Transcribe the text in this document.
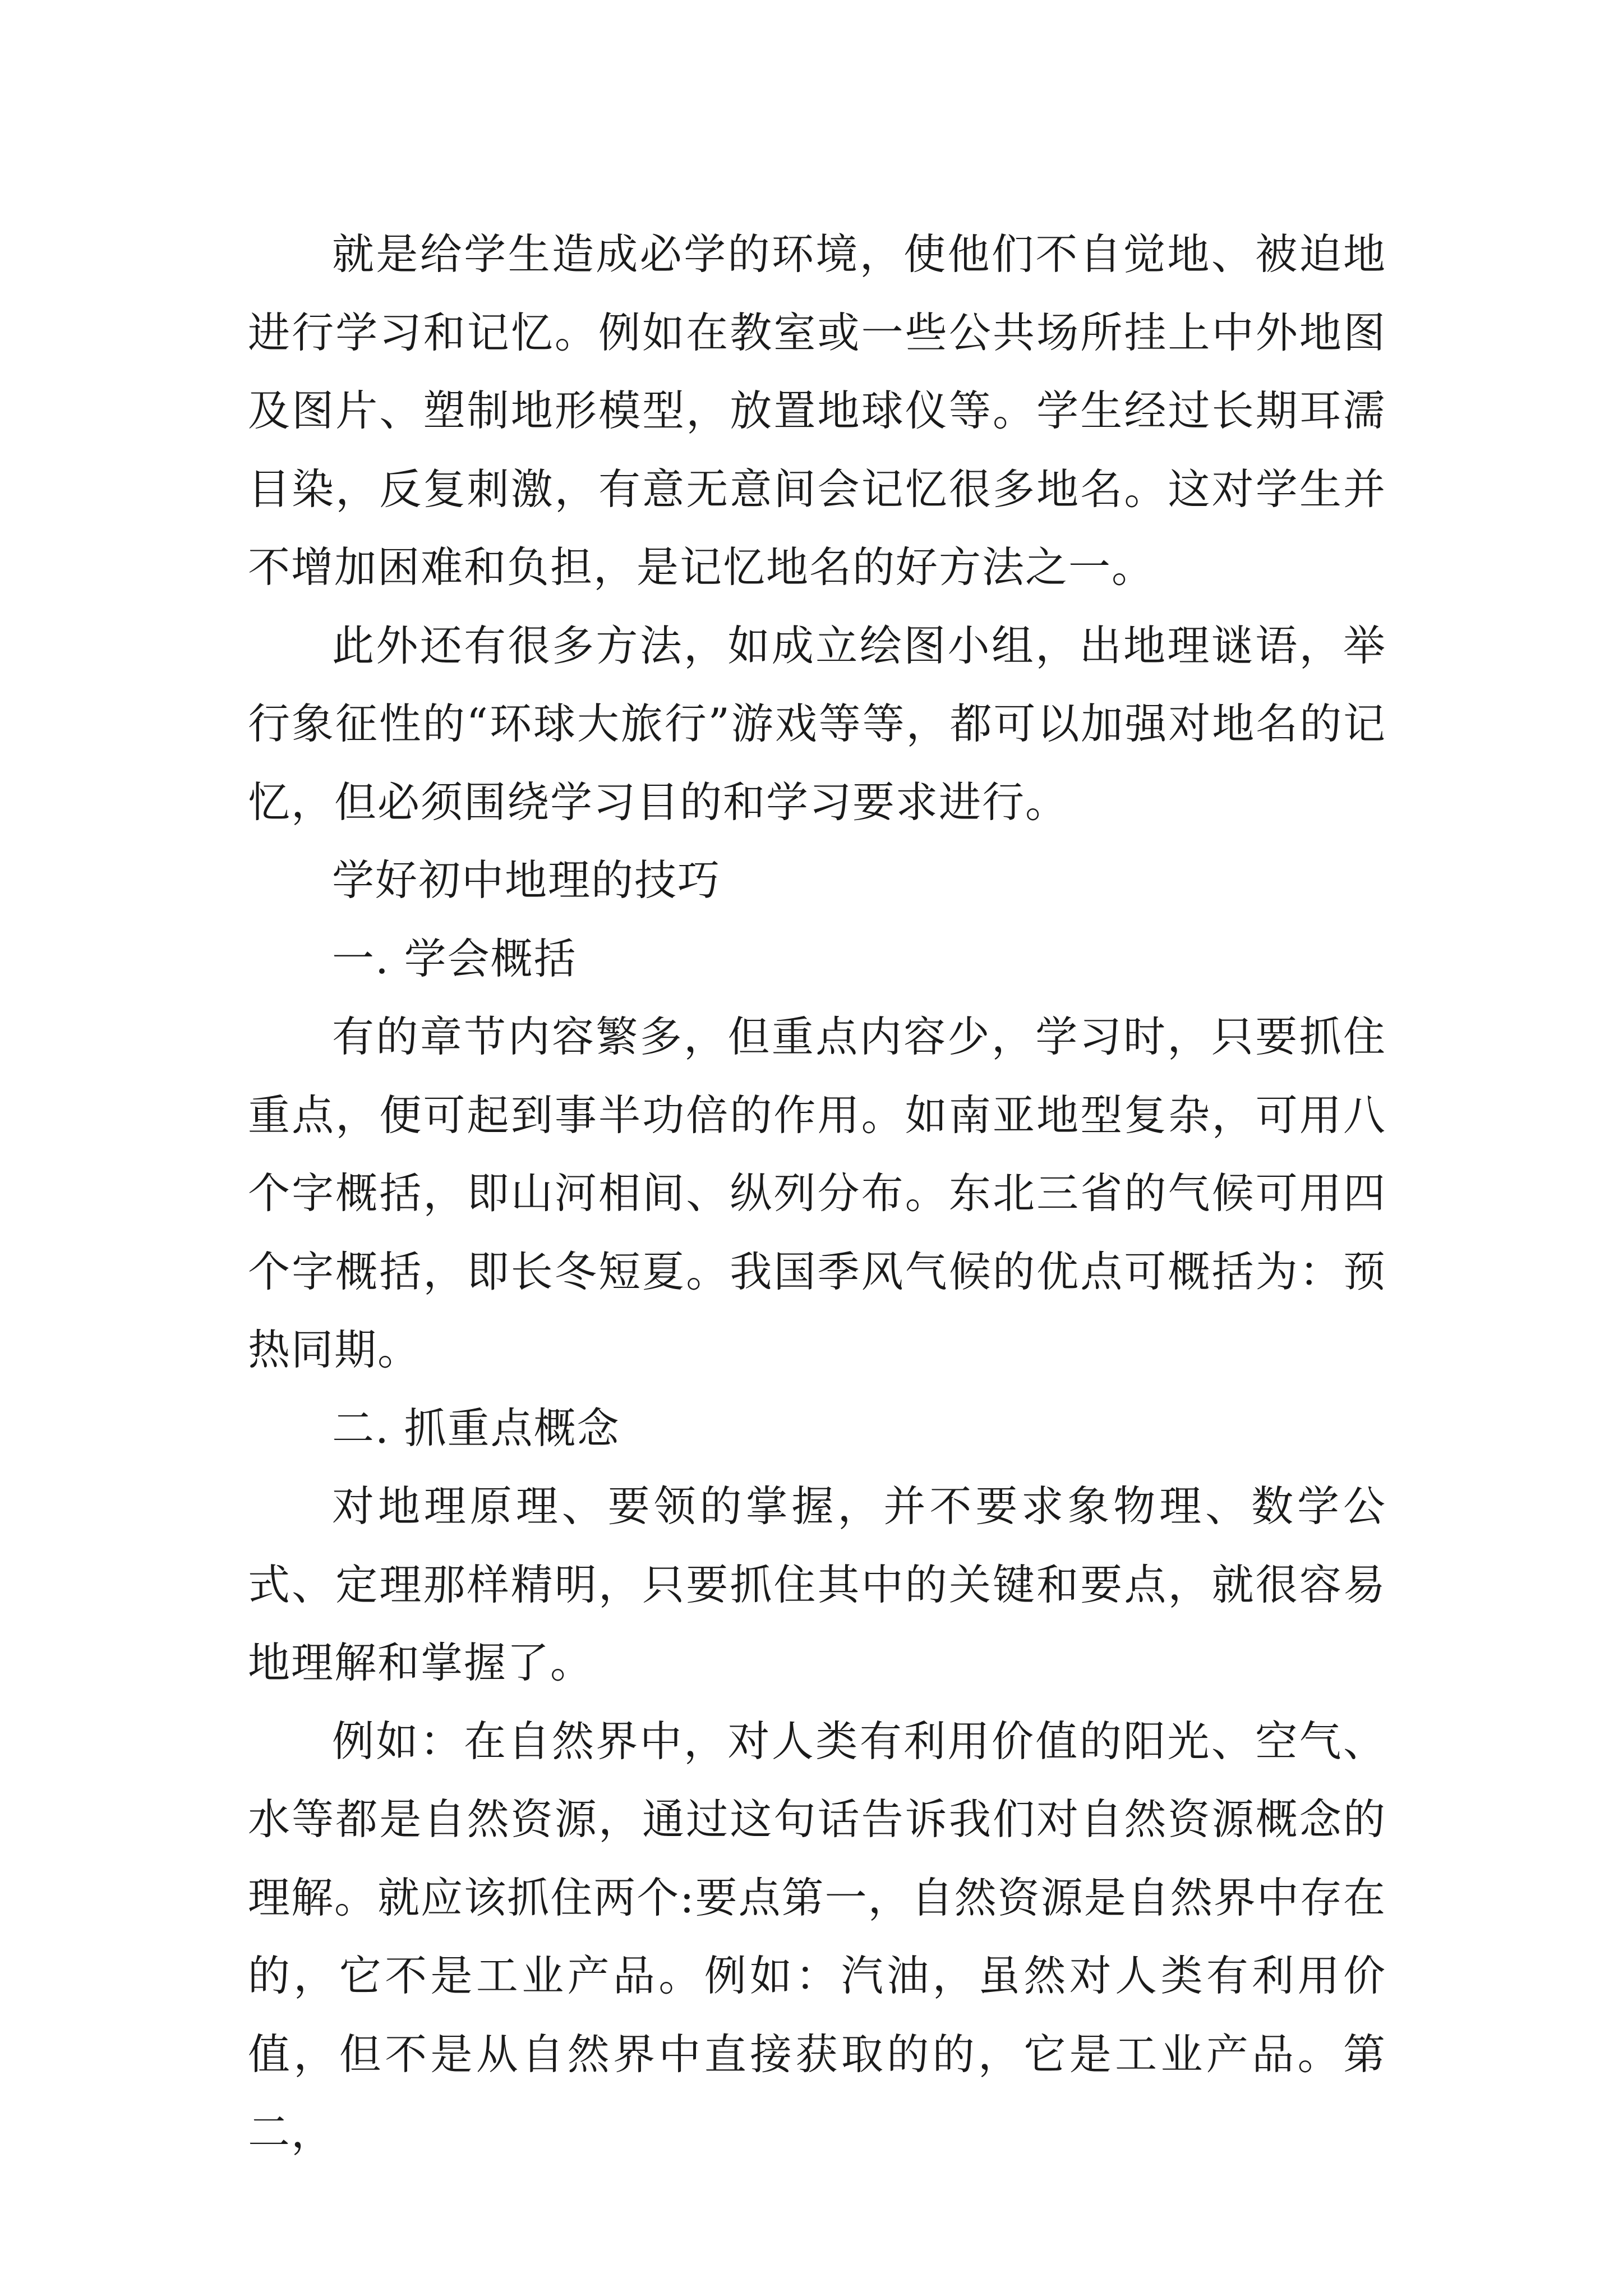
就是给学生造成必学的环境，使他们不自觉地、被迫地进行学习和记忆。例如在教室或一些公共场所挂上中外地图及图片、塑制地形模型，放置地球仪等。学生经过长期耳濡目染，反复刺激，有意无意间会记忆很多地名。这对学生并不增加困难和负担，是记忆地名的好方法之一。

此外还有很多方法，如成立绘图小组，出地理谜语，举行象征性的“环球大旅行”游戏等等，都可以加强对地名的记忆，但必须围绕学习目的和学习要求进行。

学好初中地理的技巧

一. 学会概括

有的章节内容繁多，但重点内容少，学习时，只要抓住重点，便可起到事半功倍的作用。如南亚地型复杂，可用八个字概括，即山河相间、纵列分布。东北三省的气候可用四个字概括，即长冬短夏。我国季风气候的优点可概括为：预热同期。

二. 抓重点概念

对地理原理、要领的掌握，并不要求象物理、数学公式、定理那样精明，只要抓住其中的关键和要点，就很容易地理解和掌握了。

例如：在自然界中，对人类有利用价值的阳光、空气、水等都是自然资源，通过这句话告诉我们对自然资源概念的理解。就应该抓住两个:要点第一，自然资源是自然界中存在的，它不是工业产品。例如：汽油，虽然对人类有利用价值，但不是从自然界中直接获取的的，它是工业产品。第二，
